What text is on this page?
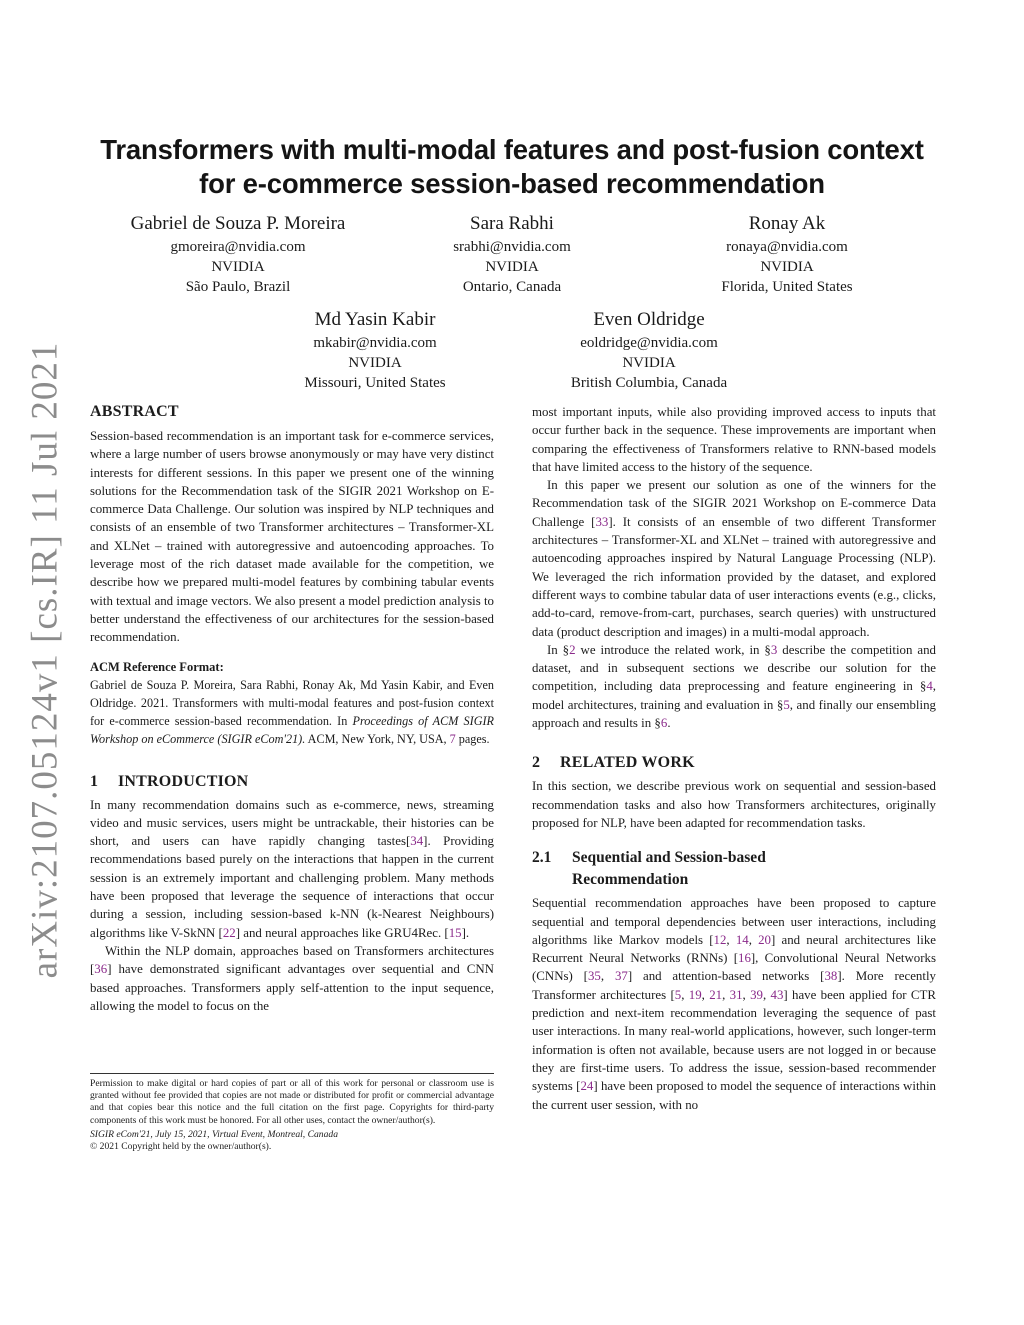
Transformers with multi-modal features and post-fusion context
for e-commerce session-based recommendation
Gabriel de Souza P. Moreira
gmoreira@nvidia.com
NVIDIA
São Paulo, Brazil
Sara Rabhi
srabhi@nvidia.com
NVIDIA
Ontario, Canada
Ronay Ak
ronaya@nvidia.com
NVIDIA
Florida, United States
Md Yasin Kabir
mkabir@nvidia.com
NVIDIA
Missouri, United States
Even Oldridge
eoldridge@nvidia.com
NVIDIA
British Columbia, Canada
arXiv:2107.05124v1 [cs.IR] 11 Jul 2021 ABSTRACT

Session-based recommendation is an important task for e-commerce services, where a large number of users browse anonymously or may have very distinct interests for different sessions. In this paper we present one of the winning solutions for the Recommendation task of the SIGIR 2021 Workshop on E-commerce Data Challenge. Our solution was inspired by NLP techniques and consists of an ensemble of two Transformer architectures – Transformer-XL and XLNet – trained with autoregressive and autoencoding approaches. To leverage most of the rich dataset made available for the competition, we describe how we prepared multi-model features by combining tabular events with textual and image vectors. We also present a model prediction analysis to better understand the effectiveness of our architectures for the session-based recommendation.

ACM Reference Format:

Gabriel de Souza P. Moreira, Sara Rabhi, Ronay Ak, Md Yasin Kabir, and Even Oldridge. 2021. Transformers with multi-modal features and post-fusion context for e-commerce session-based recommendation. In Proceedings of ACM SIGIR Workshop on eCommerce (SIGIR eCom'21). ACM, New York, NY, USA, 7 pages.

1 INTRODUCTION

In many recommendation domains such as e-commerce, news, streaming video and music services, users might be untrackable, their histories can be short, and users can have rapidly changing tastes[34]. Providing recommendations based purely on the interactions that happen in the current session is an extremely important and challenging problem. Many methods have been proposed that leverage the sequence of interactions that occur during a session, including session-based k-NN (k-Nearest Neighbours) algorithms like V-SkNN [22] and neural approaches like GRU4Rec. [15].

Within the NLP domain, approaches based on Transformers architectures [36] have demonstrated significant advantages over sequential and CNN based approaches. Transformers apply self-attention to the input sequence, allowing the model to focus on the

Permission to make digital or hard copies of part or all of this work for personal or classroom use is granted without fee provided that copies are not made or distributed for profit or commercial advantage and that copies bear this notice and the full citation on the first page. Copyrights for third-party components of this work must be honored. For all other uses, contact the owner/author(s).

SIGIR eCom'21, July 15, 2021, Virtual Event, Montreal, Canada

© 2021 Copyright held by the owner/author(s).

most important inputs, while also providing improved access to inputs that occur further back in the sequence. These improvements are important when comparing the effectiveness of Transformers relative to RNN-based models that have limited access to the history of the sequence.

In this paper we present our solution as one of the winners for the Recommendation task of the SIGIR 2021 Workshop on E-commerce Data Challenge [33]. It consists of an ensemble of two different Transformer architectures – Transformer-XL and XLNet – trained with autoregressive and autoencoding approaches inspired by Natural Language Processing (NLP). We leveraged the rich information provided by the dataset, and explored different ways to combine tabular data of user interactions events (e.g., clicks, add-to-card, remove-from-cart, purchases, search queries) with unstructured data (product description and images) in a multi-modal approach.

In §2 we introduce the related work, in §3 describe the competition and dataset, and in subsequent sections we describe our solution for the competition, including data preprocessing and feature engineering in §4, model architectures, training and evaluation in §5, and finally our ensembling approach and results in §6.

2 RELATED WORK

In this section, we describe previous work on sequential and session-based recommendation tasks and also how Transformers architectures, originally proposed for NLP, have been adapted for recommendation tasks.

2.1 Sequential and Session-based
Recommendation

Sequential recommendation approaches have been proposed to capture sequential and temporal dependencies between user interactions, including algorithms like Markov models [12, 14, 20] and neural architectures like Recurrent Neural Networks (RNNs) [16], Convolutional Neural Networks (CNNs) [35, 37] and attention-based networks [38]. More recently Transformer architectures [5, 19, 21, 31, 39, 43] have been applied for CTR prediction and next-item recommendation leveraging the sequence of past user interactions. In many real-world applications, however, such longer-term information is often not available, because users are not logged in or because they are first-time users. To address the issue, session-based recommender systems [24] have been proposed to model the sequence of interactions within the current user session, with no
